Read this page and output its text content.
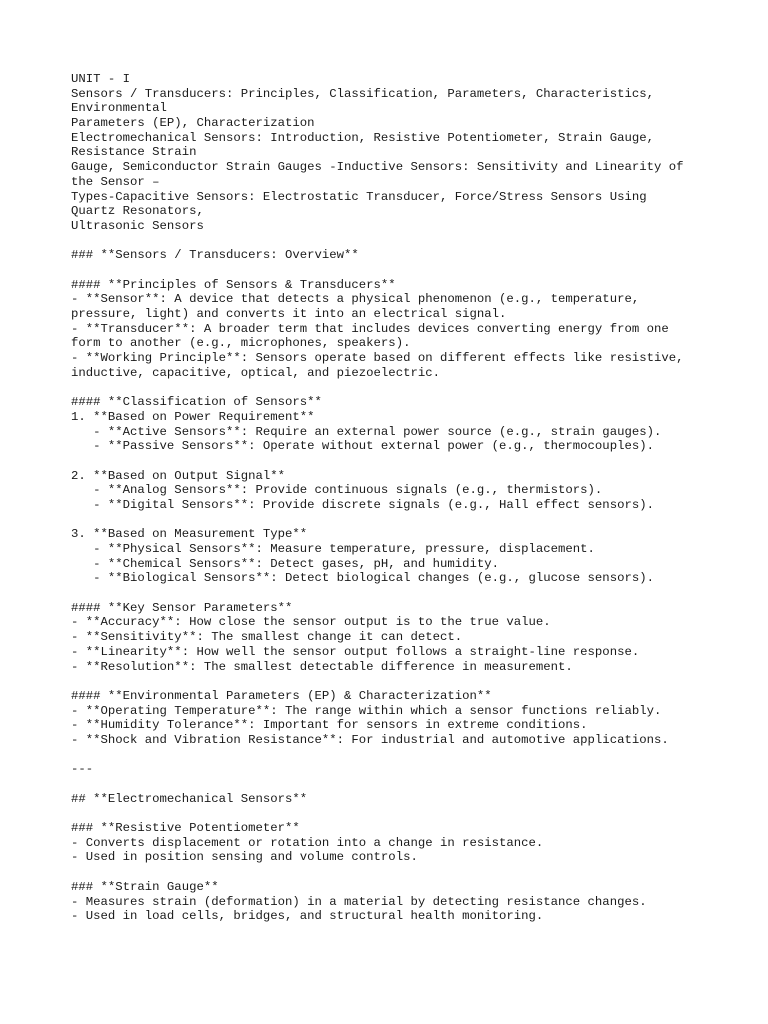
UNIT - I
Sensors / Transducers: Principles, Classification, Parameters, Characteristics,
Environmental
Parameters (EP), Characterization
Electromechanical Sensors: Introduction, Resistive Potentiometer, Strain Gauge,
Resistance Strain
Gauge, Semiconductor Strain Gauges -Inductive Sensors: Sensitivity and Linearity of
the Sensor –
Types-Capacitive Sensors: Electrostatic Transducer, Force/Stress Sensors Using
Quartz Resonators,
Ultrasonic Sensors
### **Sensors / Transducers: Overview**
#### **Principles of Sensors & Transducers**
- **Sensor**: A device that detects a physical phenomenon (e.g., temperature,
pressure, light) and converts it into an electrical signal.
- **Transducer**: A broader term that includes devices converting energy from one
form to another (e.g., microphones, speakers).
- **Working Principle**: Sensors operate based on different effects like resistive,
inductive, capacitive, optical, and piezoelectric.
#### **Classification of Sensors**
1. **Based on Power Requirement**
- **Active Sensors**: Require an external power source (e.g., strain gauges).
- **Passive Sensors**: Operate without external power (e.g., thermocouples).
2. **Based on Output Signal**
- **Analog Sensors**: Provide continuous signals (e.g., thermistors).
- **Digital Sensors**: Provide discrete signals (e.g., Hall effect sensors).
3. **Based on Measurement Type**
- **Physical Sensors**: Measure temperature, pressure, displacement.
- **Chemical Sensors**: Detect gases, pH, and humidity.
- **Biological Sensors**: Detect biological changes (e.g., glucose sensors).
#### **Key Sensor Parameters**
- **Accuracy**: How close the sensor output is to the true value.
- **Sensitivity**: The smallest change it can detect.
- **Linearity**: How well the sensor output follows a straight-line response.
- **Resolution**: The smallest detectable difference in measurement.
#### **Environmental Parameters (EP) & Characterization**
- **Operating Temperature**: The range within which a sensor functions reliably.
- **Humidity Tolerance**: Important for sensors in extreme conditions.
- **Shock and Vibration Resistance**: For industrial and automotive applications.
---
## **Electromechanical Sensors**
### **Resistive Potentiometer**
- Converts displacement or rotation into a change in resistance.
- Used in position sensing and volume controls.
### **Strain Gauge**
- Measures strain (deformation) in a material by detecting resistance changes.
- Used in load cells, bridges, and structural health monitoring.
